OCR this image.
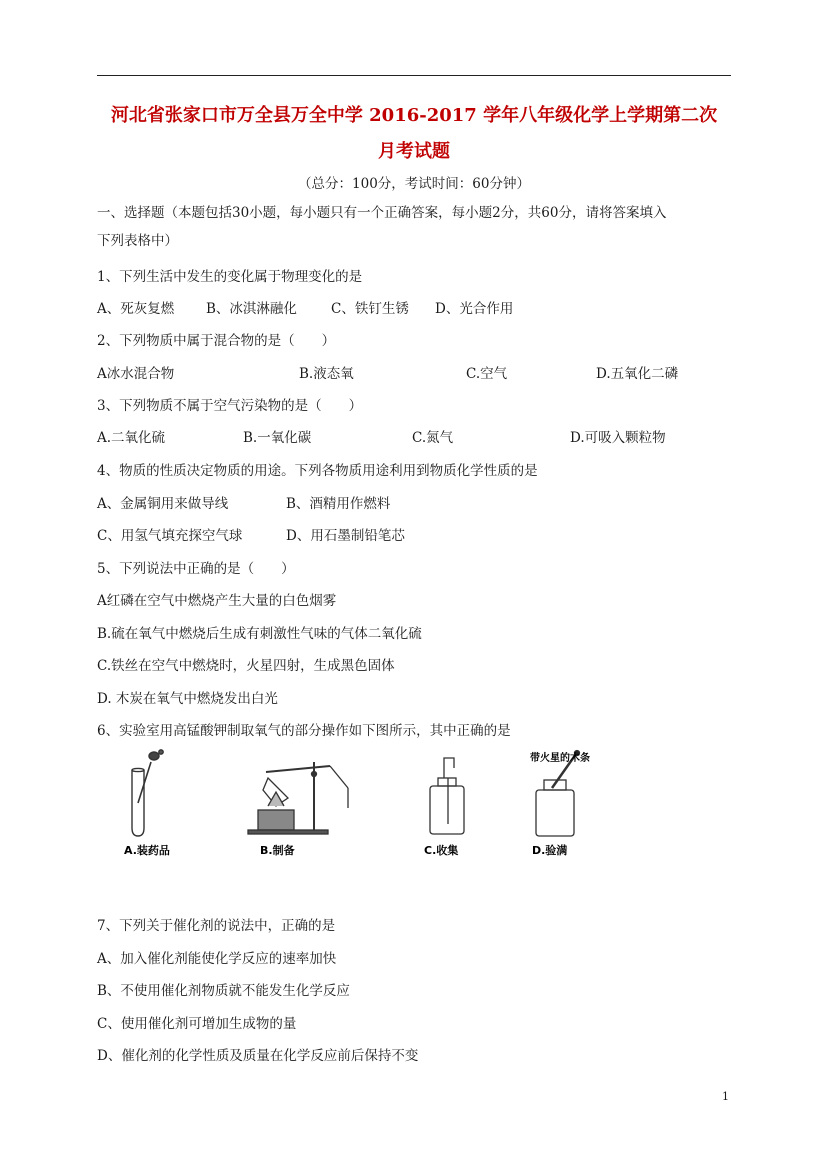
河北省张家口市万全县万全中学 2016-2017 学年八年级化学上学期第二次
月考试题
（总分：100分，考试时间：60分钟）
一、选择题（本题包括30小题，每小题只有一个正确答案，每小题2分，共60分，请将答案填入
下列表格中）
1、下列生活中发生的变化属于物理变化的是
A、死灰复燃 B、冰淇淋融化	C、铁钉生锈 D、光合作用
2、下列物质中属于混合物的是（　　）
A冰水混合物	B.液态氧	C.空气	D.五氧化二磷
3、下列物质不属于空气污染物的是（　　）
A.二氧化硫	B.一氧化碳	C.氮气	D.可吸入颗粒物
4、物质的性质决定物质的用途。下列各物质用途利用到物质化学性质的是
A、金属铜用来做导线	B、酒精用作燃料
C、用氢气填充探空气球	D、用石墨制铅笔芯
5、下列说法中正确的是（　　）
A红磷在空气中燃烧产生大量的白色烟雾
B.硫在氧气中燃烧后生成有刺激性气味的气体二氧化硫
C.铁丝在空气中燃烧时，火星四射，生成黑色固体
D. 木炭在氧气中燃烧发出白光
6、实验室用高锰酸钾制取氧气的部分操作如下图所示，其中正确的是
A.装药品	B.制备	C.收集
带火星的木条
D.验满
7、下列关于催化剂的说法中，正确的是
A、加入催化剂能使化学反应的速率加快
B、不使用催化剂物质就不能发生化学反应
C、使用催化剂可增加生成物的量
D、催化剂的化学性质及质量在化学反应前后保持不变
1
